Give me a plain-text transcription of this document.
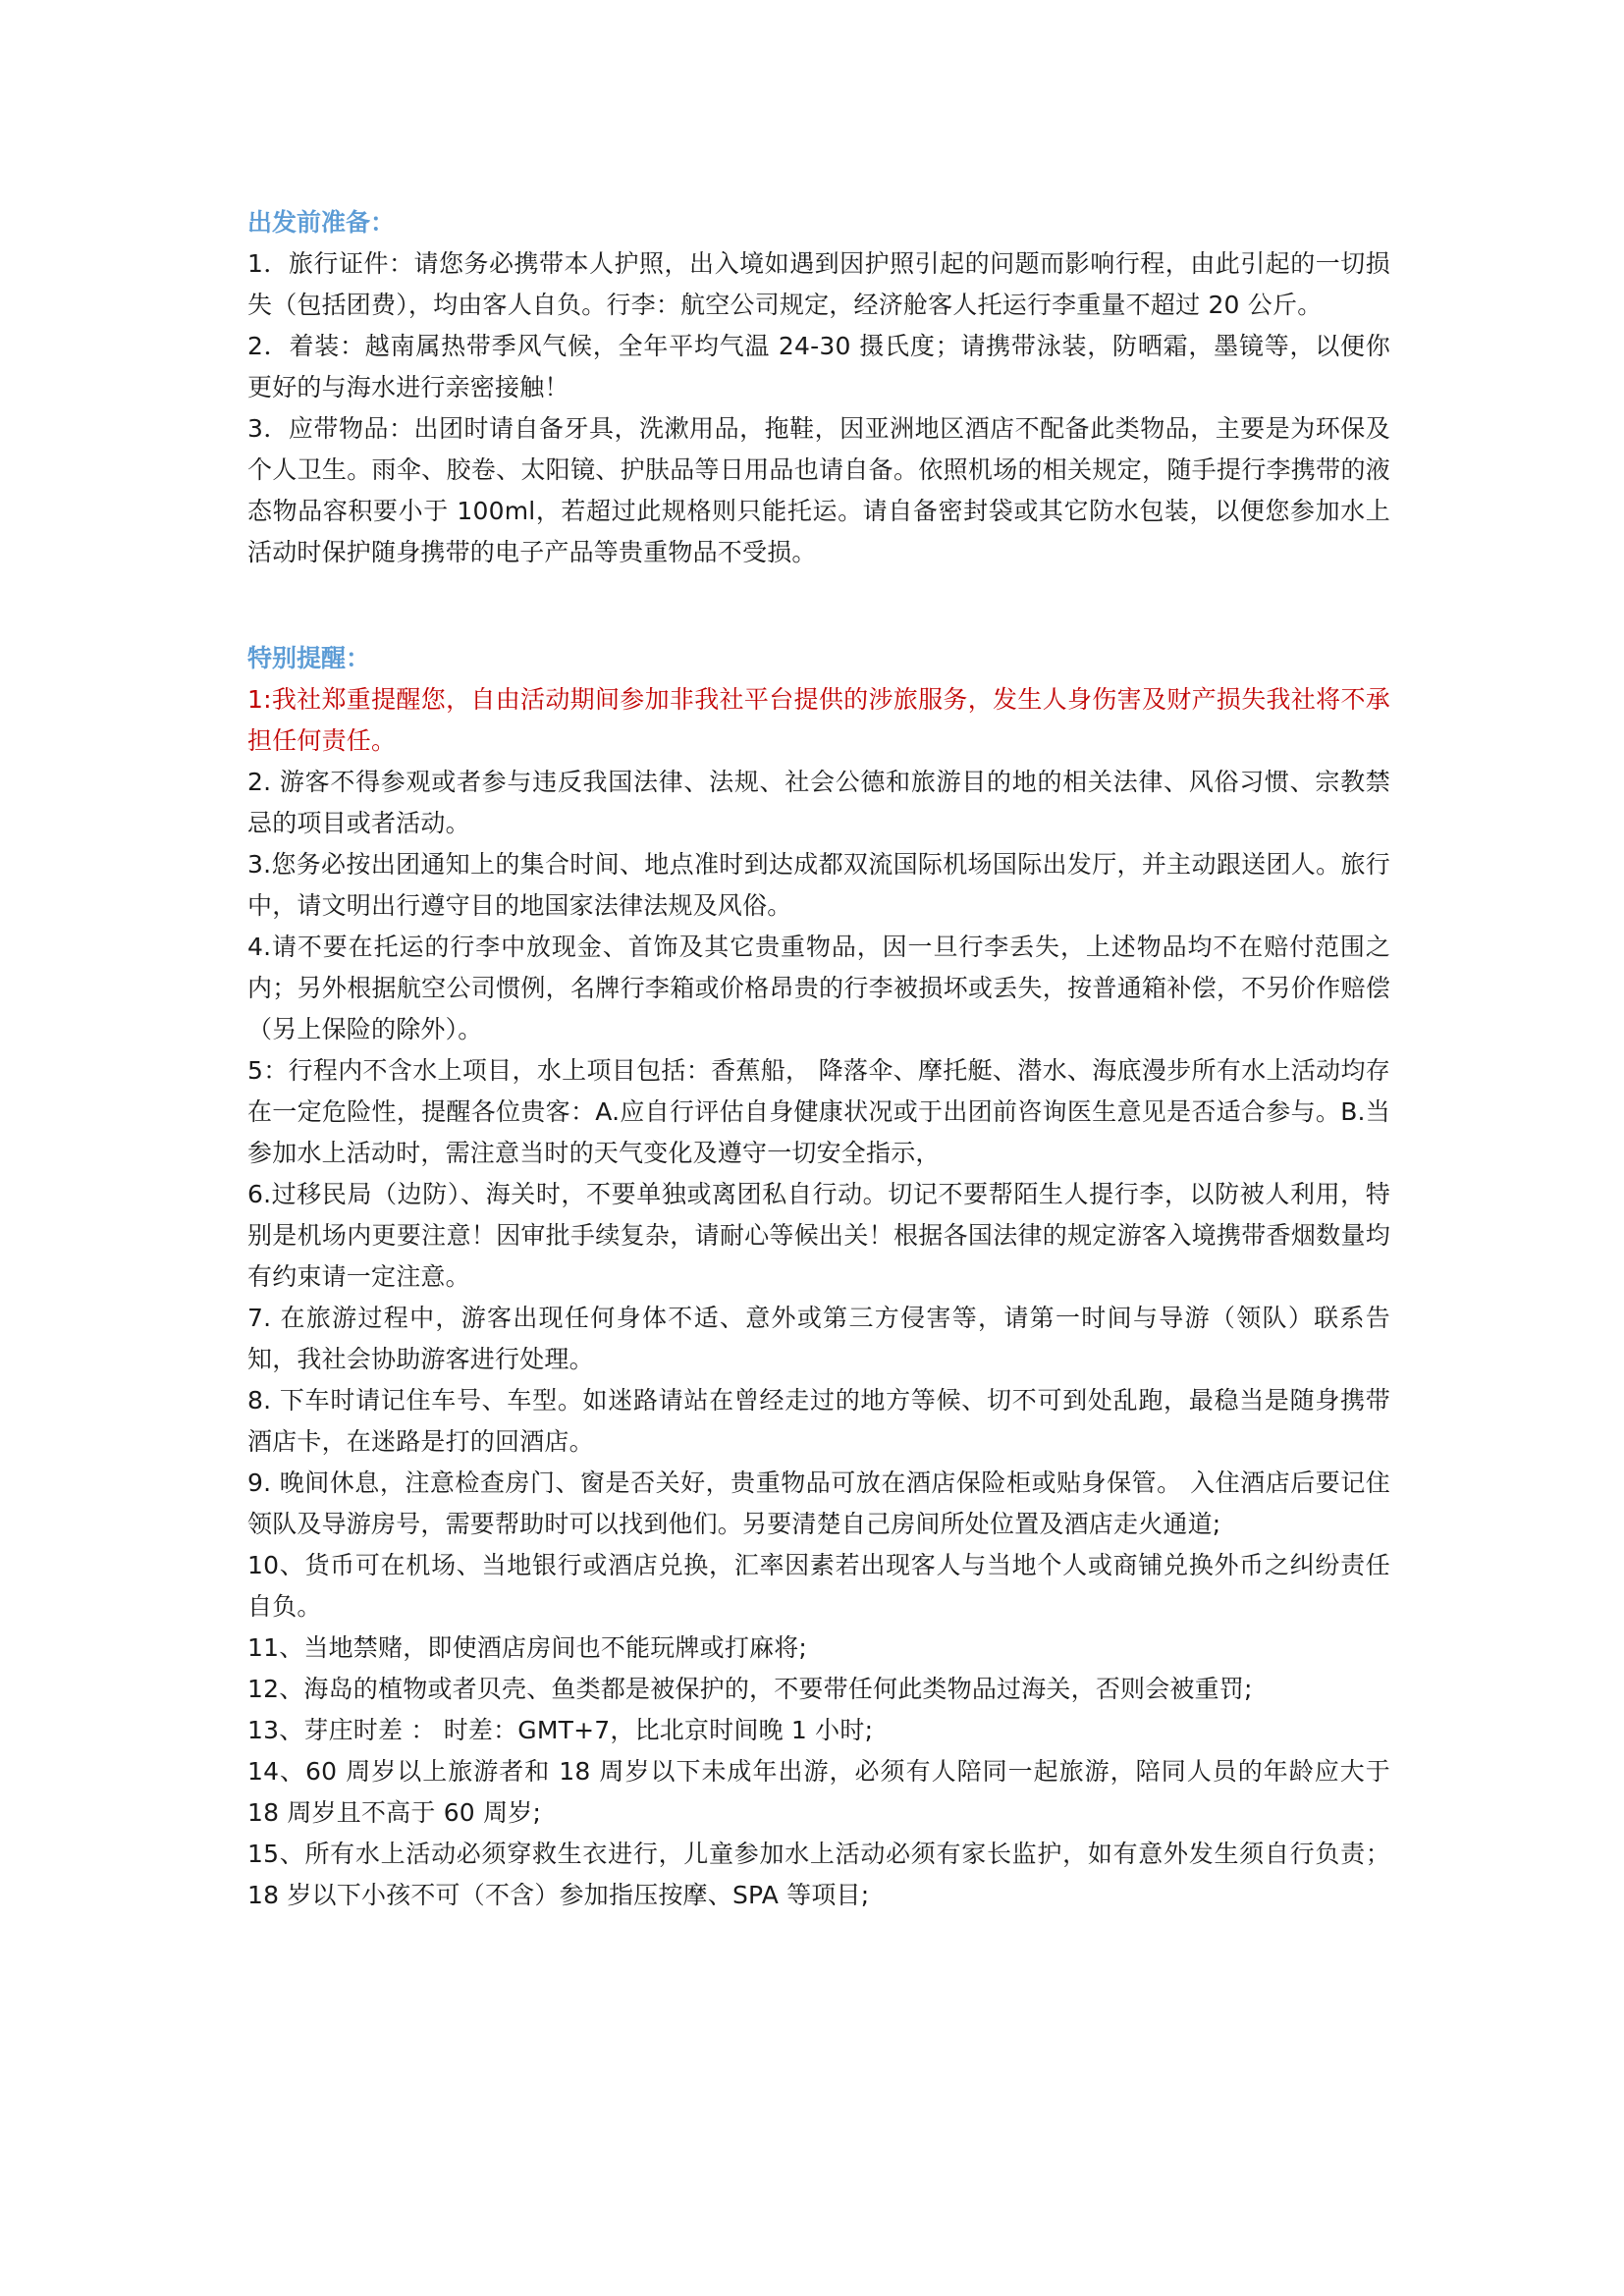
出发前准备：

1．旅行证件：请您务必携带本人护照，出入境如遇到因护照引起的问题而影响行程，由此引起的一切损失（包括团费），均由客人自负。行李：航空公司规定，经济舱客人托运行李重量不超过 20 公斤。

2．着装：越南属热带季风气候，全年平均气温 24-30 摄氏度；请携带泳装，防晒霜，墨镜等，以便你更好的与海水进行亲密接触！

3．应带物品：出团时请自备牙具，洗漱用品，拖鞋，因亚洲地区酒店不配备此类物品，主要是为环保及个人卫生。雨伞、胶卷、太阳镜、护肤品等日用品也请自备。依照机场的相关规定，随手提行李携带的液态物品容积要小于 100ml，若超过此规格则只能托运。请自备密封袋或其它防水包装，以便您参加水上活动时保护随身携带的电子产品等贵重物品不受损。

特别提醒：

1:我社郑重提醒您，自由活动期间参加非我社平台提供的涉旅服务，发生人身伤害及财产损失我社将不承担任何责任。

2. 游客不得参观或者参与违反我国法律、法规、社会公德和旅游目的地的相关法律、风俗习惯、宗教禁忌的项目或者活动。

3.您务必按出团通知上的集合时间、地点准时到达成都双流国际机场国际出发厅，并主动跟送团人。旅行中，请文明出行遵守目的地国家法律法规及风俗。

4.请不要在托运的行李中放现金、首饰及其它贵重物品，因一旦行李丢失，上述物品均不在赔付范围之内；另外根据航空公司惯例，名牌行李箱或价格昂贵的行李被损坏或丢失，按普通箱补偿，不另价作赔偿（另上保险的除外）。

5：行程内不含水上项目，水上项目包括：香蕉船， 降落伞、摩托艇、潜水、海底漫步所有水上活动均存在一定危险性，提醒各位贵客：A.应自行评估自身健康状况或于出团前咨询医生意见是否适合参与。B.当参加水上活动时，需注意当时的天气变化及遵守一切安全指示，

6.过移民局（边防）、海关时，不要单独或离团私自行动。切记不要帮陌生人提行李，以防被人利用，特别是机场内更要注意！因审批手续复杂，请耐心等候出关！根据各国法律的规定游客入境携带香烟数量均有约束请一定注意。

7. 在旅游过程中，游客出现任何身体不适、意外或第三方侵害等，请第一时间与导游（领队）联系告知，我社会协助游客进行处理。

8. 下车时请记住车号、车型。如迷路请站在曾经走过的地方等候、切不可到处乱跑，最稳当是随身携带酒店卡，在迷路是打的回酒店。

9. 晚间休息，注意检查房门、窗是否关好，贵重物品可放在酒店保险柜或贴身保管。 入住酒店后要记住领队及导游房号，需要帮助时可以找到他们。另要清楚自己房间所处位置及酒店走火通道;

10、货币可在机场、当地银行或酒店兑换，汇率因素若出现客人与当地个人或商铺兑换外币之纠纷责任自负。

11、当地禁赌，即使酒店房间也不能玩牌或打麻将;

12、海岛的植物或者贝壳、鱼类都是被保护的，不要带任何此类物品过海关，否则会被重罚;

13、芽庄时差 ： 时差：GMT+7，比北京时间晚 1 小时;

14、60 周岁以上旅游者和 18 周岁以下未成年出游，必须有人陪同一起旅游，陪同人员的年龄应大于 18 周岁且不高于 60 周岁;

15、所有水上活动必须穿救生衣进行，儿童参加水上活动必须有家长监护，如有意外发生须自行负责；18 岁以下小孩不可（不含）参加指压按摩、SPA 等项目;
